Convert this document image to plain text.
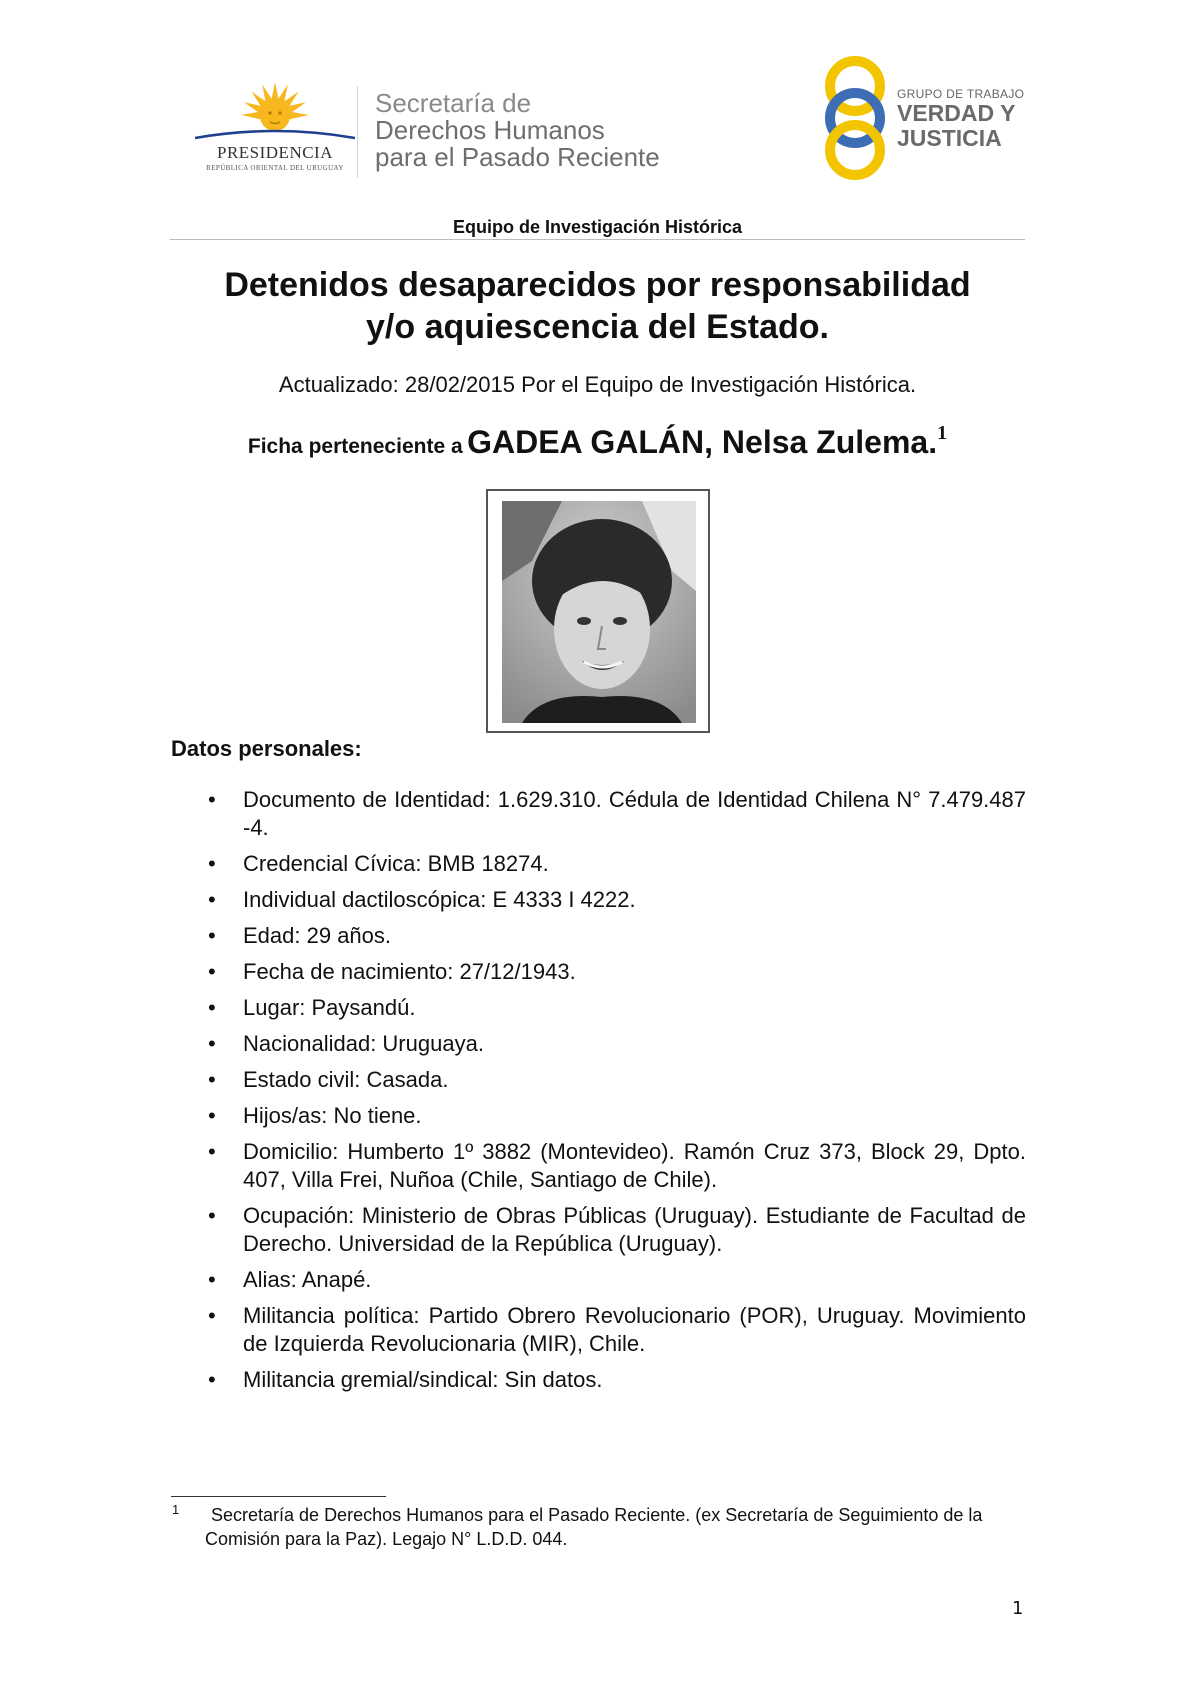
PRESIDENCIA
REPÚBLICA ORIENTAL DEL URUGUAY
Secretaría de
Derechos Humanos
para el Pasado Reciente
GRUPO DE TRABAJO
VERDAD Y
JUSTICIA
Equipo de Investigación Histórica
Detenidos desaparecidos por responsabilidad
y/o aquiescencia del Estado.
Actualizado: 28/02/2015 Por el Equipo de Investigación Histórica.
Ficha perteneciente a GADEA GALÁN, Nelsa Zulema.$^1$
Datos personales:
• Documento de Identidad: 1.629.310. Cédula de Identidad Chilena N° 7.479.487 -4.
• Credencial Cívica: BMB 18274.
• Individual dactiloscópica: E 4333 I 4222.
• Edad: 29 años.
• Fecha de nacimiento: 27/12/1943.
• Lugar: Paysandú.
• Nacionalidad: Uruguaya.
• Estado civil: Casada.
• Hijos/as: No tiene.
• Domicilio: Humberto 1º 3882 (Montevideo). Ramón Cruz 373, Block 29, Dpto. 407, Villa Frei, Nuñoa (Chile, Santiago de Chile).
• Ocupación: Ministerio de Obras Públicas (Uruguay). Estudiante de Facultad de Derecho. Universidad de la República (Uruguay).
• Alias: Anapé.
• Militancia política: Partido Obrero Revolucionario (POR), Uruguay. Movimiento de Izquierda Revolucionaria (MIR), Chile.
• Militancia gremial/sindical: Sin datos.
1	Secretaría de Derechos Humanos para el Pasado Reciente. (ex Secretaría de Seguimiento de la Comisión para la Paz). Legajo N° L.D.D. 044.
1
